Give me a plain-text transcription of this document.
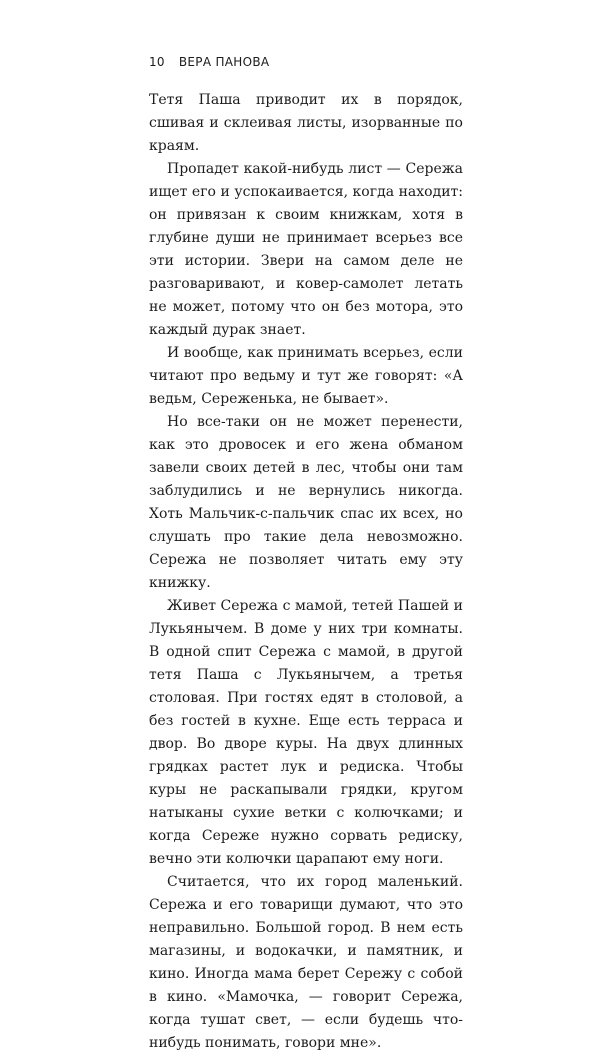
10 ВЕРА ПАНОВА

Тетя Паша приводит их в порядок, сшивая и склеивая листы, изорванные по краям.

Пропадет какой-нибудь лист — Сережа ищет его и успокаивается, когда находит: он привязан к своим книжкам, хотя в глубине души не принимает всерьез все эти истории. Звери на самом деле не разговаривают, и ковер-самолет летать не может, потому что он без мотора, это каждый дурак знает.

И вообще, как принимать всерьез, если читают про ведьму и тут же говорят: «А ведьм, Сереженька, не бывает».

Но все-таки он не может перенести, как это дровосек и его жена обманом завели своих детей в лес, чтобы они там заблудились и не вернулись никогда. Хоть Мальчик-с-пальчик спас их всех, но слушать про такие дела невозможно. Сережа не позволяет читать ему эту книжку.

Живет Сережа с мамой, тетей Пашей и Лукьянычем. В доме у них три комнаты. В одной спит Сережа с мамой, в другой тетя Паша с Лукьянычем, а третья столовая. При гостях едят в столовой, а без гостей в кухне. Еще есть терраса и двор. Во дворе куры. На двух длинных грядках растет лук и редиска. Чтобы куры не раскапывали грядки, кругом натыканы сухие ветки с колючками; и когда Сереже нужно сорвать редиску, вечно эти колючки царапают ему ноги.

Считается, что их город маленький. Сережа и его товарищи думают, что это неправильно. Большой город. В нем есть магазины, и водокачки, и памятник, и кино. Иногда мама берет Сережу с собой в кино. «Мамочка, — говорит Сережа, когда тушат свет, — если будешь что-нибудь понимать, говори мне».
